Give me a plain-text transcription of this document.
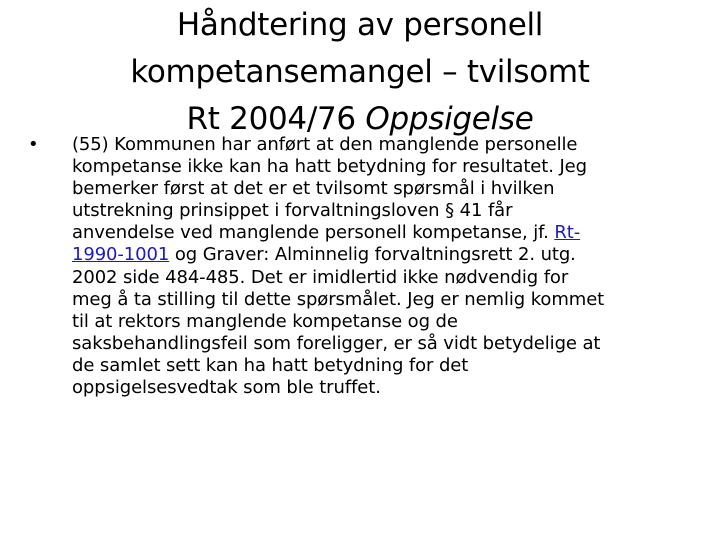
Håndtering av personell
kompetansemangel – tvilsomt
Rt 2004/76 Oppsigelse
•	(55) Kommunen har anført at den manglende personelle
kompetanse ikke kan ha hatt betydning for resultatet. Jeg
bemerker først at det er et tvilsomt spørsmål i hvilken
utstrekning prinsippet i forvaltningsloven § 41 får
anvendelse ved manglende personell kompetanse, jf. Rt-
1990-1001 og Graver: Alminnelig forvaltningsrett 2. utg.
2002 side 484-485. Det er imidlertid ikke nødvendig for
meg å ta stilling til dette spørsmålet. Jeg er nemlig kommet
til at rektors manglende kompetanse og de
saksbehandlingsfeil som foreligger, er så vidt betydelige at
de samlet sett kan ha hatt betydning for det
oppsigelsesvedtak som ble truffet.
